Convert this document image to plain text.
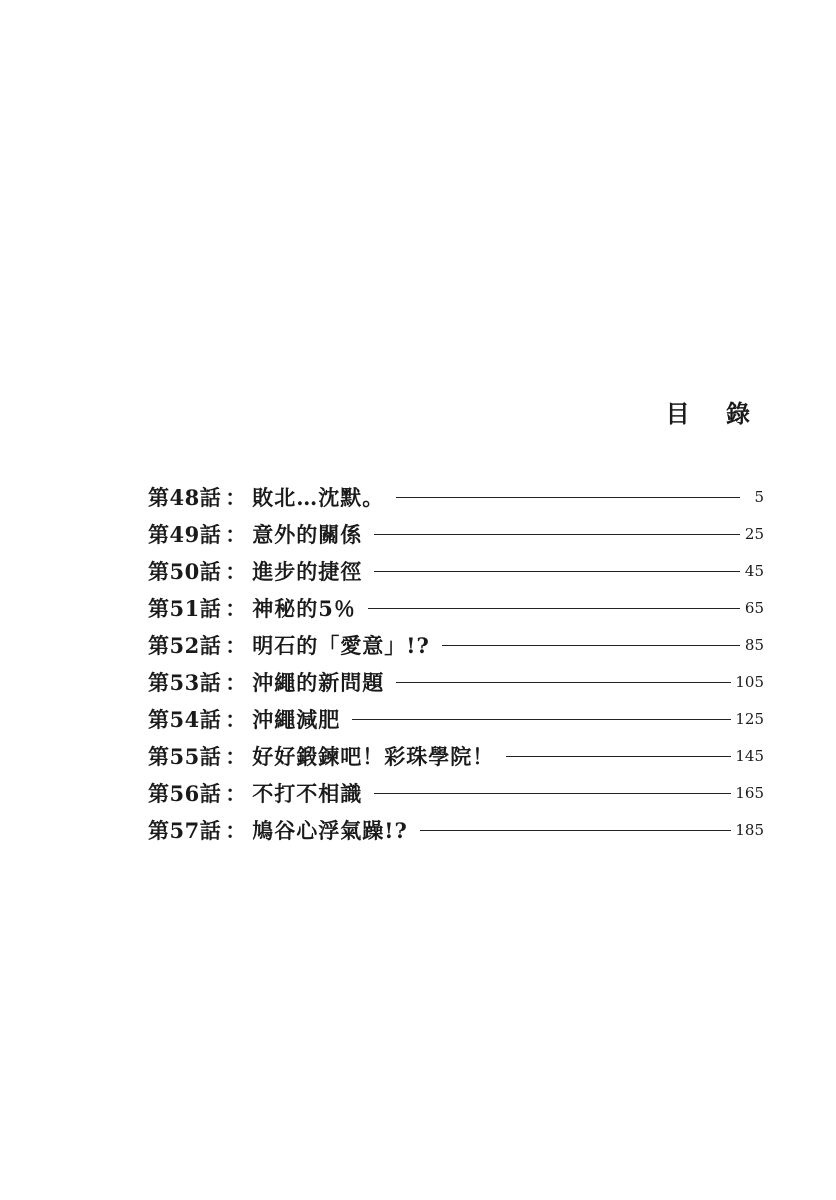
目 錄
第48話 ： 敗北…沈默。	5
第49話 ： 意外的關係	25
第50話 ： 進步的捷徑	45
第51話 ： 神秘的5％	65
第52話 ： 明石的「愛意」!?	85
第53話 ： 沖繩的新問題	105
第54話 ： 沖繩減肥	125
第55話 ： 好好鍛鍊吧！彩珠學院！	145
第56話 ： 不打不相識	165
第57話 ： 鳩谷心浮氣躁!?	185
